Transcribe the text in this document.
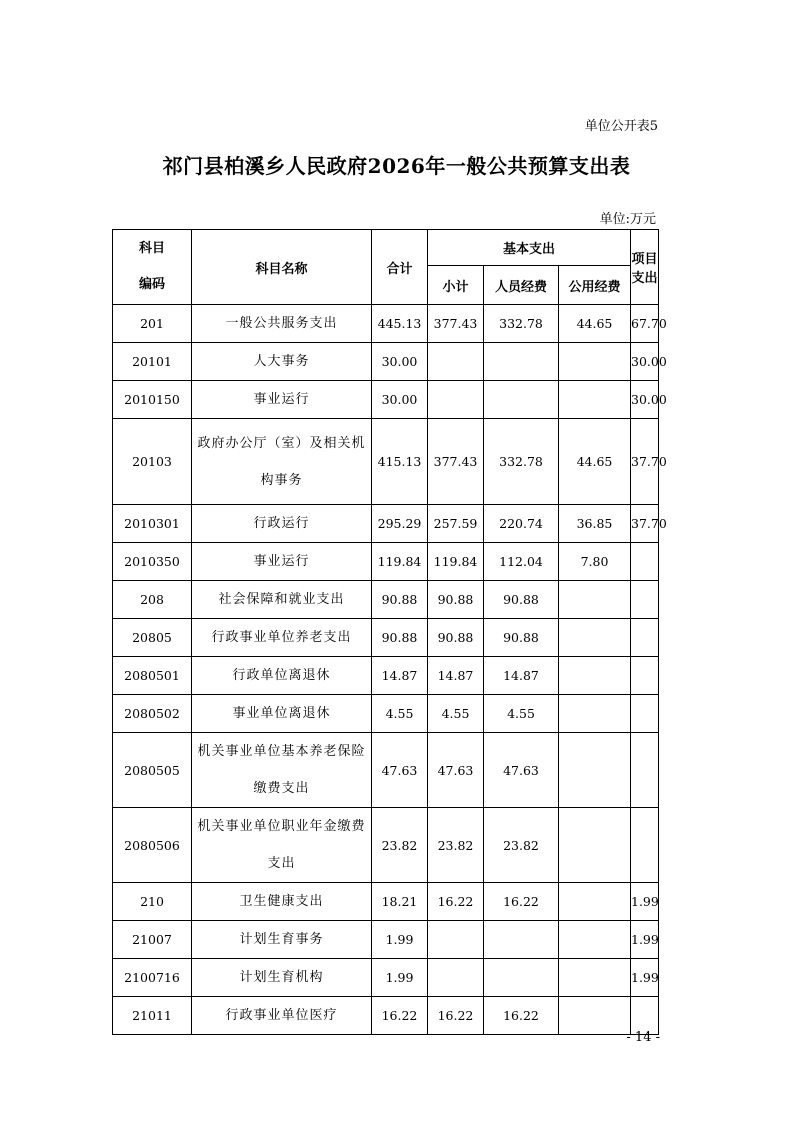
单位公开表5
祁门县柏溪乡人民政府2026年一般公共预算支出表
单位:万元
科目
编码	科目名称	合计	基本支出			项目支出
			小计	人员经费	公用经费	
201	一般公共服务支出	445.13	377.43	332.78	44.65	67.70
20101	人大事务	30.00				30.00
2010150	事业运行	30.00				30.00
20103	政府办公厅（室）及相关机构事务	415.13	377.43	332.78	44.65	37.70
2010301	行政运行	295.29	257.59	220.74	36.85	37.70
2010350	事业运行	119.84	119.84	112.04	7.80	
208	社会保障和就业支出	90.88	90.88	90.88		
20805	行政事业单位养老支出	90.88	90.88	90.88		
2080501	行政单位离退休	14.87	14.87	14.87		
2080502	事业单位离退休	4.55	4.55	4.55		
2080505	机关事业单位基本养老保险缴费支出	47.63	47.63	47.63		
2080506	机关事业单位职业年金缴费支出	23.82	23.82	23.82		
210	卫生健康支出	18.21	16.22	16.22		1.99
21007	计划生育事务	1.99				1.99
2100716	计划生育机构	1.99				1.99
21011	行政事业单位医疗	16.22	16.22	16.22		
- 14 -
